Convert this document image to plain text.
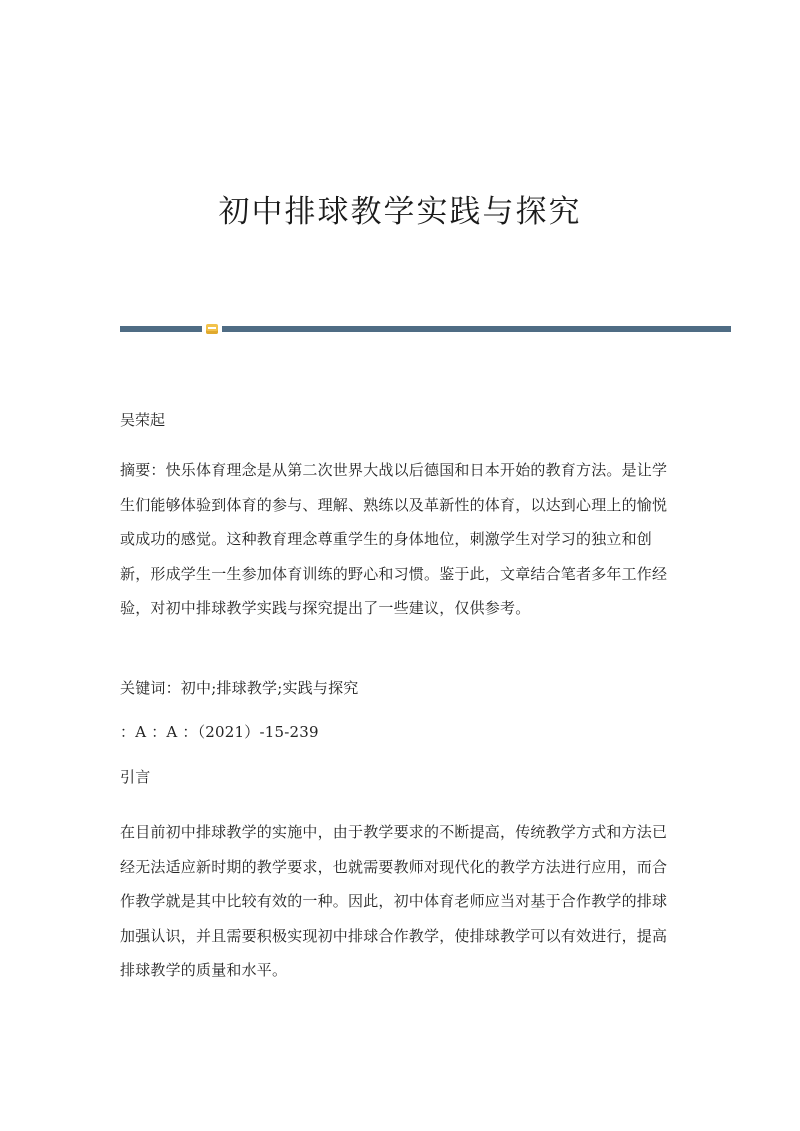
初中排球教学实践与探究

吴荣起

摘要：快乐体育理念是从第二次世界大战以后德国和日本开始的教育方法。是让学生们能够体验到体育的参与、理解、熟练以及革新性的体育，以达到心理上的愉悦或成功的感觉。这种教育理念尊重学生的身体地位，刺激学生对学习的独立和创新，形成学生一生参加体育训练的野心和习惯。鉴于此，文章结合笔者多年工作经验，对初中排球教学实践与探究提出了一些建议，仅供参考。

关键词：初中;排球教学;实践与探究

：A ：A ：（2021）-15-239

引言

在目前初中排球教学的实施中，由于教学要求的不断提高，传统教学方式和方法已经无法适应新时期的教学要求，也就需要教师对现代化的教学方法进行应用，而合作教学就是其中比较有效的一种。因此，初中体育老师应当对基于合作教学的排球加强认识，并且需要积极实现初中排球合作教学，使排球教学可以有效进行，提高排球教学的质量和水平。
